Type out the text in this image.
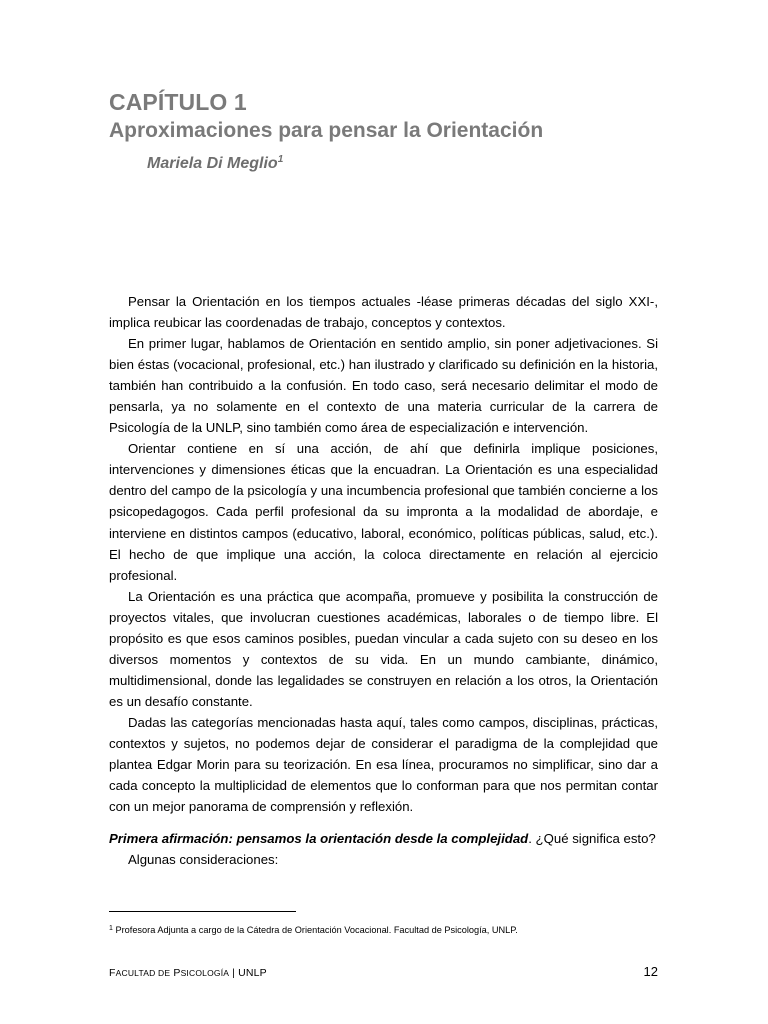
CAPÍTULO 1
Aproximaciones para pensar la Orientación

Mariela Di Meglio$^1$

Pensar la Orientación en los tiempos actuales -léase primeras décadas del siglo XXI-, implica reubicar las coordenadas de trabajo, conceptos y contextos.

En primer lugar, hablamos de Orientación en sentido amplio, sin poner adjetivaciones. Si bien éstas (vocacional, profesional, etc.) han ilustrado y clarificado su definición en la historia, también han contribuido a la confusión. En todo caso, será necesario delimitar el modo de pensarla, ya no solamente en el contexto de una materia curricular de la carrera de Psicología de la UNLP, sino también como área de especialización e intervención.

Orientar contiene en sí una acción, de ahí que definirla implique posiciones, intervenciones y dimensiones éticas que la encuadran. La Orientación es una especialidad dentro del campo de la psicología y una incumbencia profesional que también concierne a los psicopedagogos. Cada perfil profesional da su impronta a la modalidad de abordaje, e interviene en distintos campos (educativo, laboral, económico, políticas públicas, salud, etc.). El hecho de que implique una acción, la coloca directamente en relación al ejercicio profesional.

La Orientación es una práctica que acompaña, promueve y posibilita la construcción de proyectos vitales, que involucran cuestiones académicas, laborales o de tiempo libre. El propósito es que esos caminos posibles, puedan vincular a cada sujeto con su deseo en los diversos momentos y contextos de su vida. En un mundo cambiante, dinámico, multidimensional, donde las legalidades se construyen en relación a los otros, la Orientación es un desafío constante.

Dadas las categorías mencionadas hasta aquí, tales como campos, disciplinas, prácticas, contextos y sujetos, no podemos dejar de considerar el paradigma de la complejidad que plantea Edgar Morin para su teorización. En esa línea, procuramos no simplificar, sino dar a cada concepto la multiplicidad de elementos que lo conforman para que nos permitan contar con un mejor panorama de comprensión y reflexión.

Primera afirmación: pensamos la orientación desde la complejidad. ¿Qué significa esto?

Algunas consideraciones:

$^1$ Profesora Adjunta a cargo de la Cátedra de Orientación Vocacional. Facultad de Psicología, UNLP.
FACULTAD DE PSICOLOGÍA | UNLP	12
